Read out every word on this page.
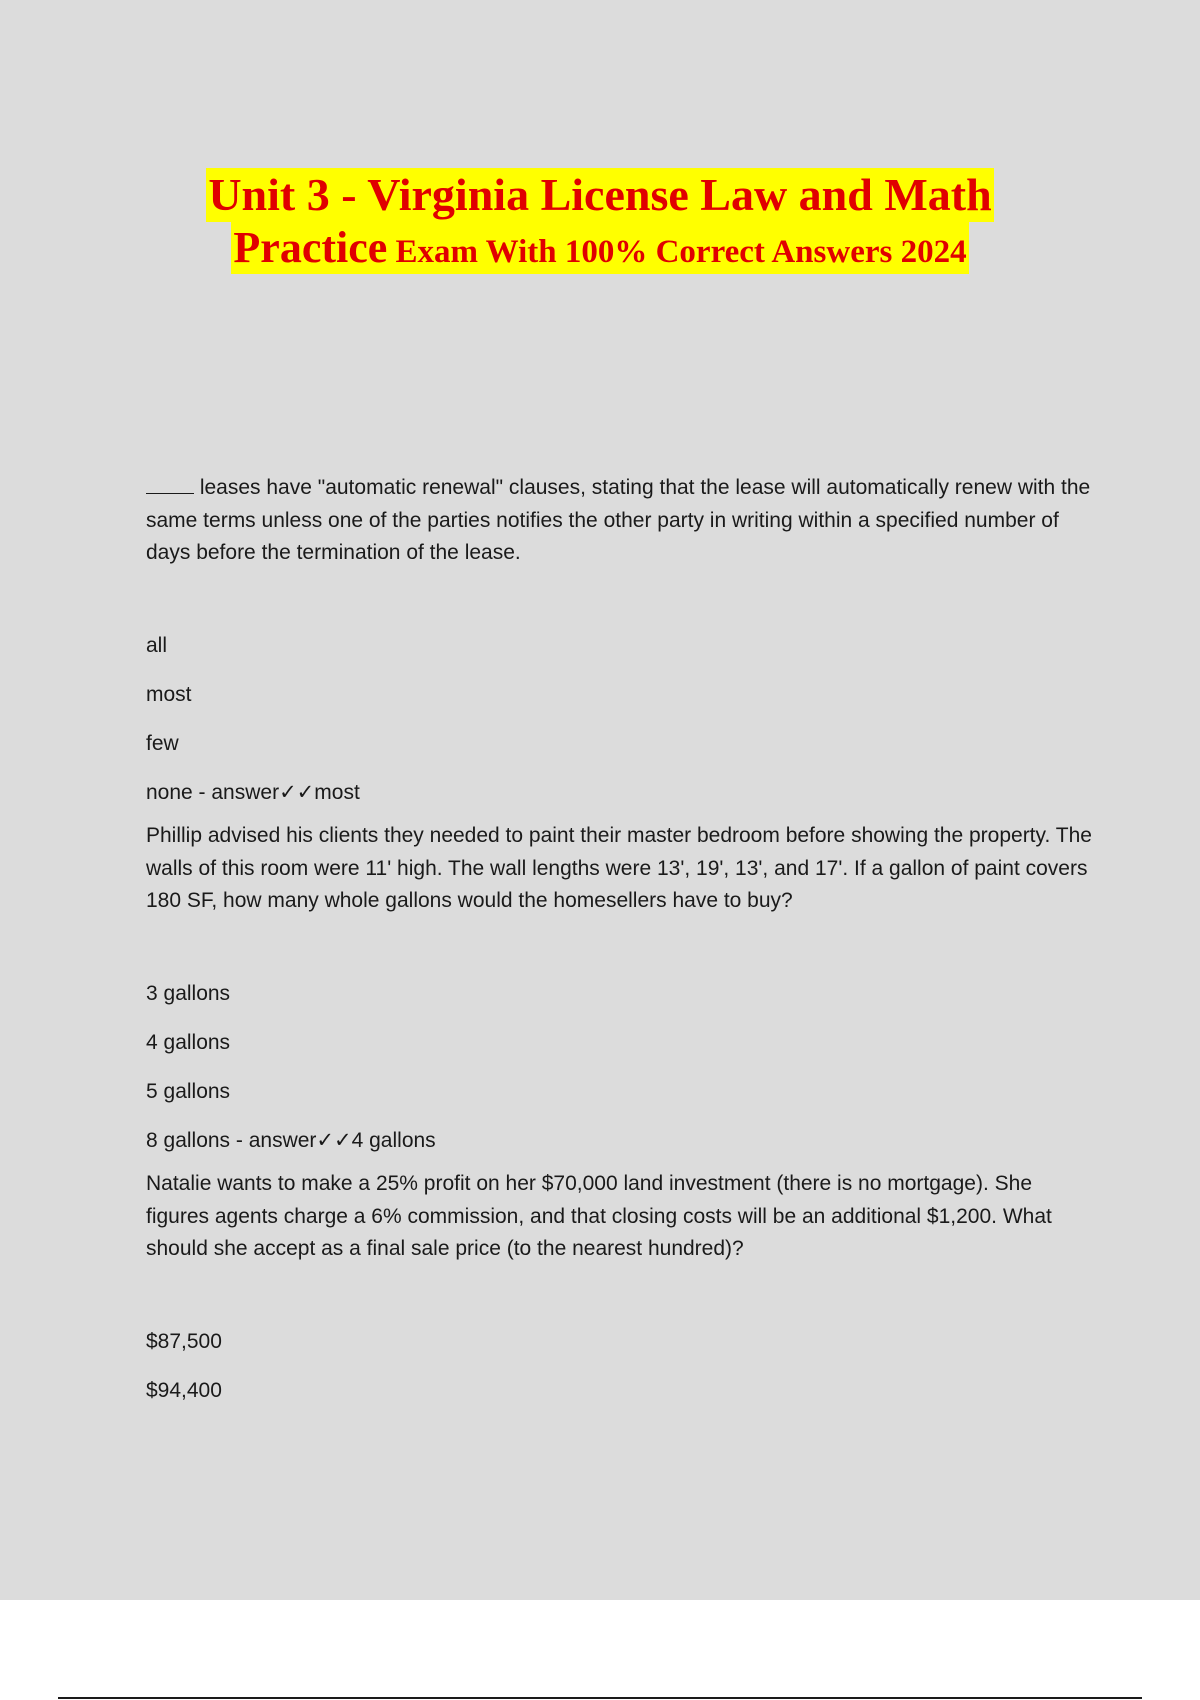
Unit 3 - Virginia License Law and Math
Practice Exam With 100% Correct Answers 2024

leases have "automatic renewal" clauses, stating that the lease will automatically renew with the same terms unless one of the parties notifies the other party in writing within a specified number of days before the termination of the lease.

all

most

few

none - answer✓✓most

Phillip advised his clients they needed to paint their master bedroom before showing the property. The walls of this room were 11' high. The wall lengths were 13', 19', 13', and 17'. If a gallon of paint covers 180 SF, how many whole gallons would the homesellers have to buy?

3 gallons

4 gallons

5 gallons

8 gallons - answer✓✓4 gallons

Natalie wants to make a 25% profit on her $70,000 land investment (there is no mortgage). She figures agents charge a 6% commission, and that closing costs will be an additional $1,200. What should she accept as a final sale price (to the nearest hundred)?

$87,500

$94,400
